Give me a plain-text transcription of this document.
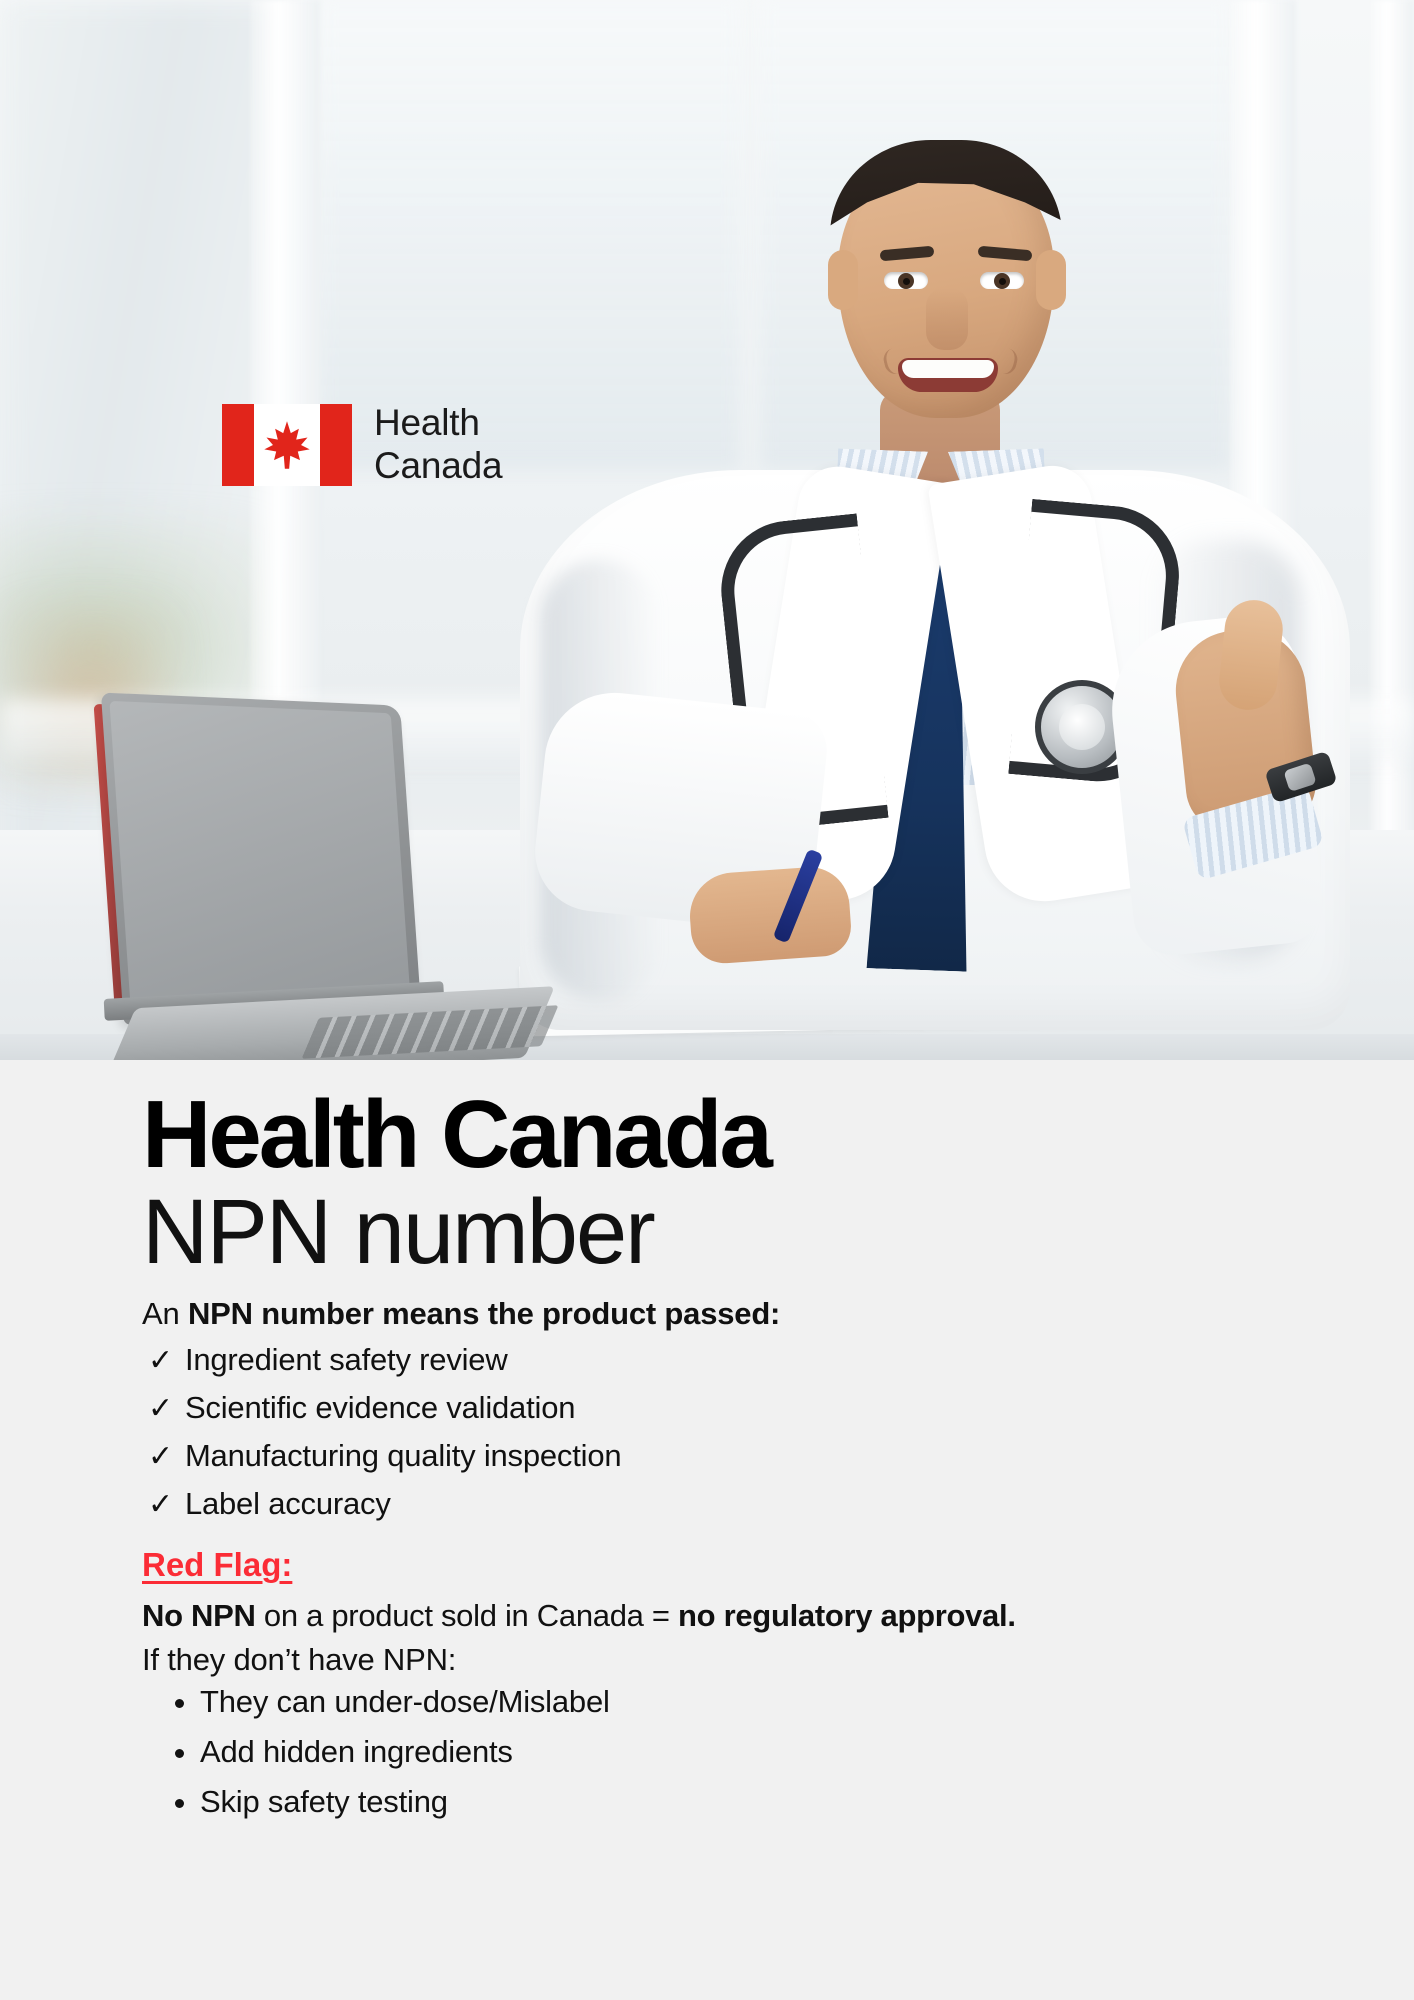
Health
Canada
Health Canada
NPN number

An NPN number means the product passed:

✓ Ingredient safety review
✓ Scientific evidence validation
✓ Manufacturing quality inspection
✓ Label accuracy
Red Flag:

No NPN on a product sold in Canada = no regulatory approval.

If they don’t have NPN:

• They can under-dose/Mislabel
• Add hidden ingredients
• Skip safety testing
